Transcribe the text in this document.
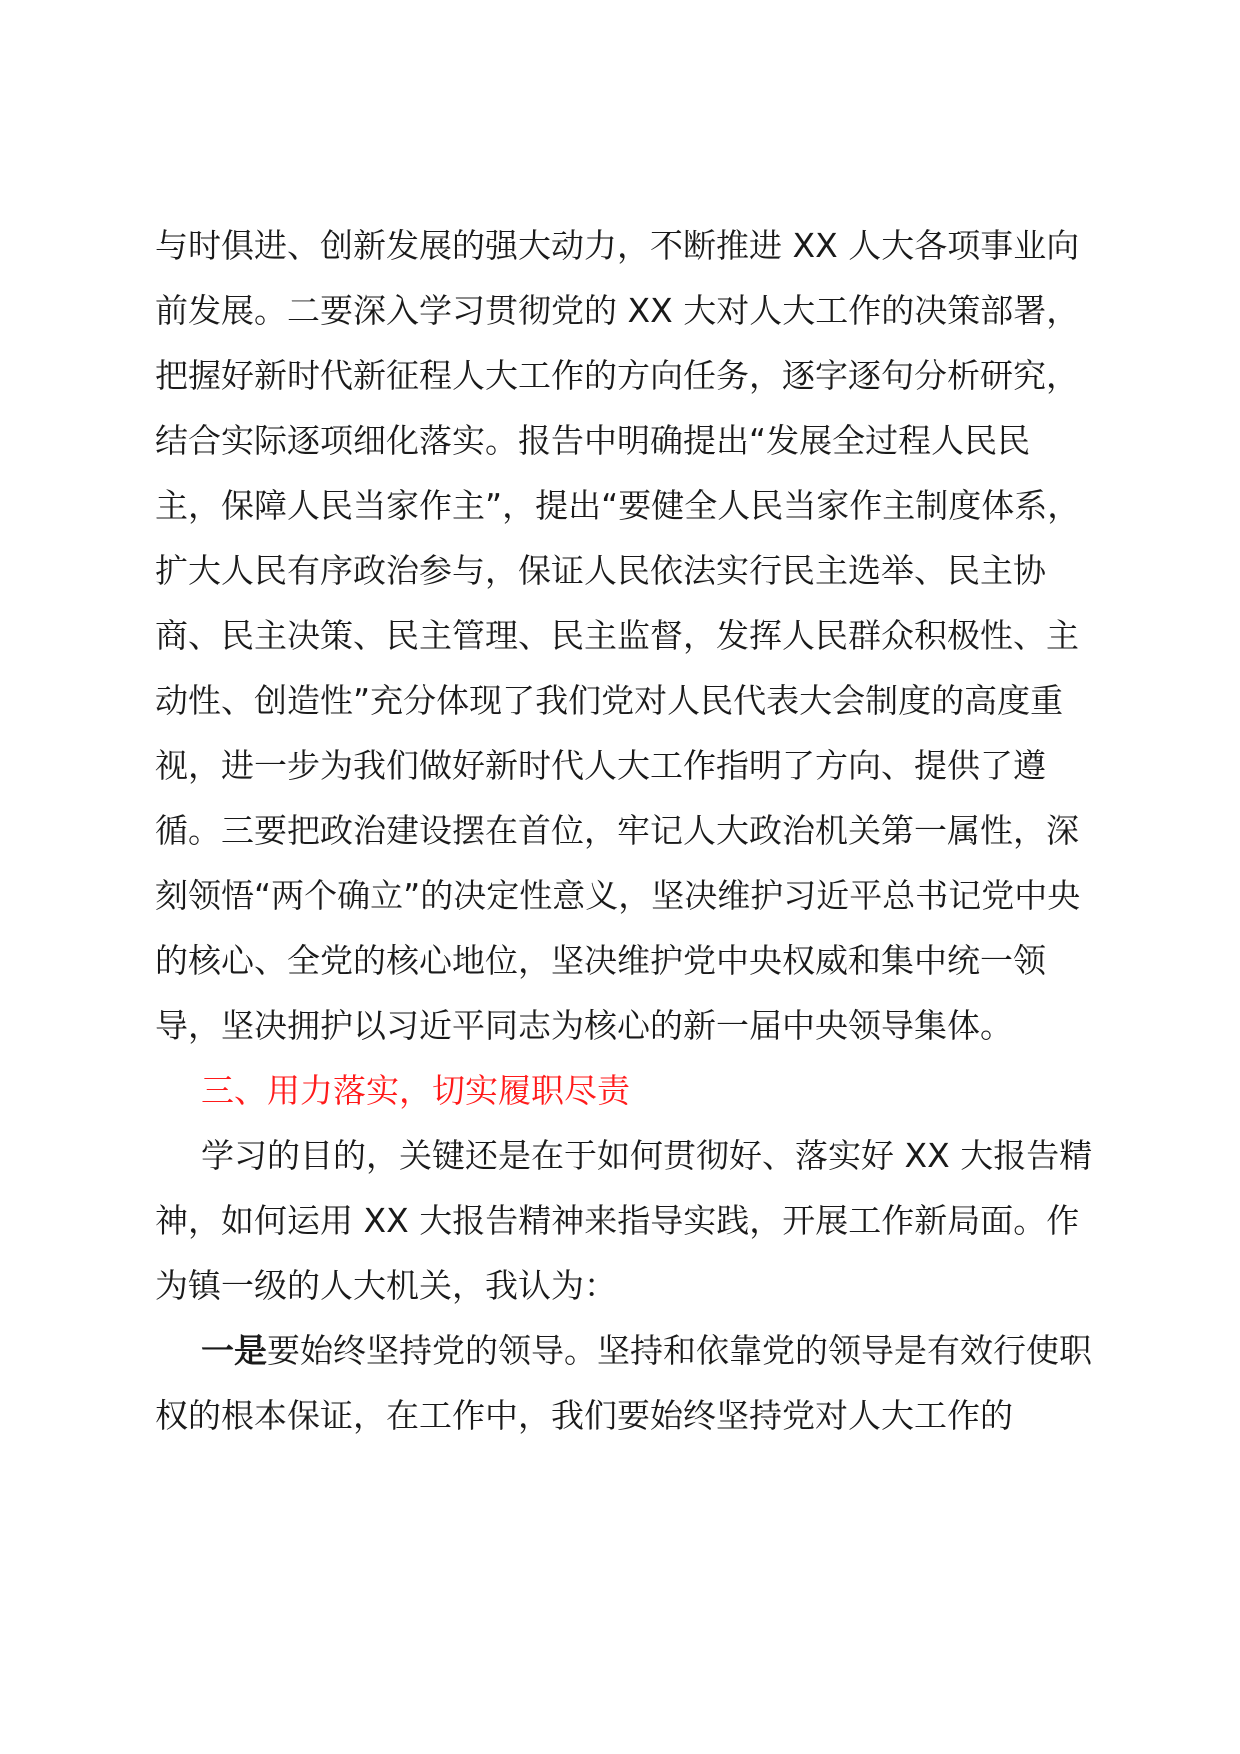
与时俱进、创新发展的强大动力，不断推进 XX 人大各项事业向前发展。二要深入学习贯彻党的 XX 大对人大工作的决策部署，把握好新时代新征程人大工作的方向任务，逐字逐句分析研究，结合实际逐项细化落实。报告中明确提出“发展全过程人民民主，保障人民当家作主”，提出“要健全人民当家作主制度体系，扩大人民有序政治参与，保证人民依法实行民主选举、民主协商、民主决策、民主管理、民主监督，发挥人民群众积极性、主动性、创造性”充分体现了我们党对人民代表大会制度的高度重视，进一步为我们做好新时代人大工作指明了方向、提供了遵循。三要把政治建设摆在首位，牢记人大政治机关第一属性，深刻领悟“两个确立”的决定性意义，坚决维护习近平总书记党中央的核心、全党的核心地位，坚决维护党中央权威和集中统一领导，坚决拥护以习近平同志为核心的新一届中央领导集体。

三、用力落实，切实履职尽责

学习的目的，关键还是在于如何贯彻好、落实好 XX 大报告精神，如何运用 XX 大报告精神来指导实践，开展工作新局面。作为镇一级的人大机关，我认为：

一是要始终坚持党的领导。坚持和依靠党的领导是有效行使职权的根本保证，在工作中，我们要始终坚持党对人大工作的
